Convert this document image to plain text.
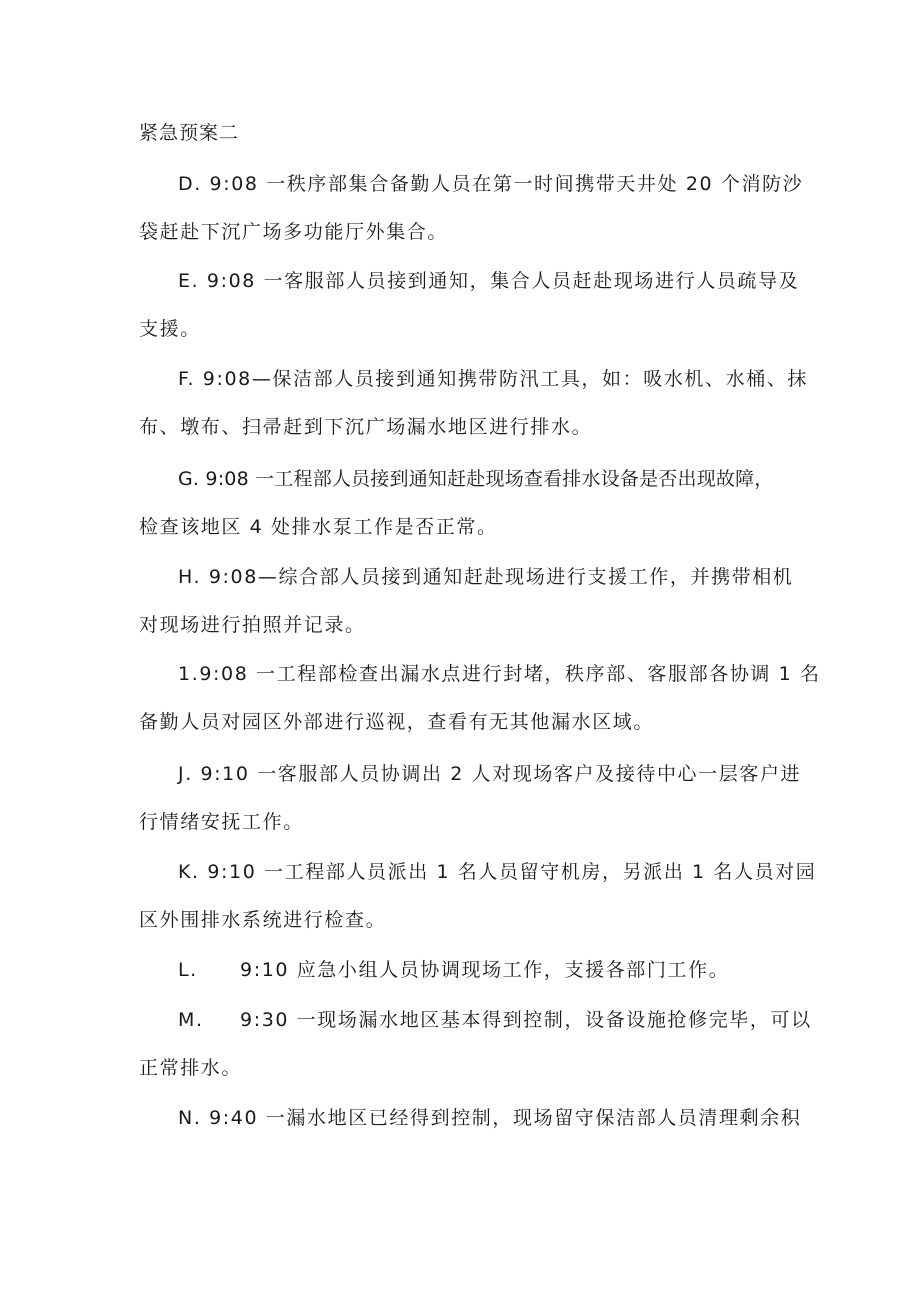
紧急预案二
D. 9:08 一秩序部集合备勤人员在第一时间携带天井处 20 个消防沙
袋赶赴下沉广场多功能厅外集合。
E. 9:08 一客服部人员接到通知，集合人员赶赴现场进行人员疏导及
支援。
F. 9:08—保洁部人员接到通知携带防汛工具，如：吸水机、水桶、抹
布、墩布、扫帚赶到下沉广场漏水地区进行排水。
G. 9:08 一工程部人员接到通知赶赴现场查看排水设备是否出现故障，
检查该地区 4 处排水泵工作是否正常。
H. 9:08—综合部人员接到通知赶赴现场进行支援工作，并携带相机
对现场进行拍照并记录。
1.9:08 一工程部检查出漏水点进行封堵，秩序部、客服部各协调 1 名
备勤人员对园区外部进行巡视，查看有无其他漏水区域。
J. 9:10 一客服部人员协调出 2 人对现场客户及接待中心一层客户进
行情绪安抚工作。
K. 9:10 一工程部人员派出 1 名人员留守机房，另派出 1 名人员对园
区外围排水系统进行检查。
L. 9:10 应急小组人员协调现场工作，支援各部门工作。
M. 9:30 一现场漏水地区基本得到控制，设备设施抢修完毕，可以
正常排水。
N. 9:40 一漏水地区已经得到控制，现场留守保洁部人员清理剩余积
